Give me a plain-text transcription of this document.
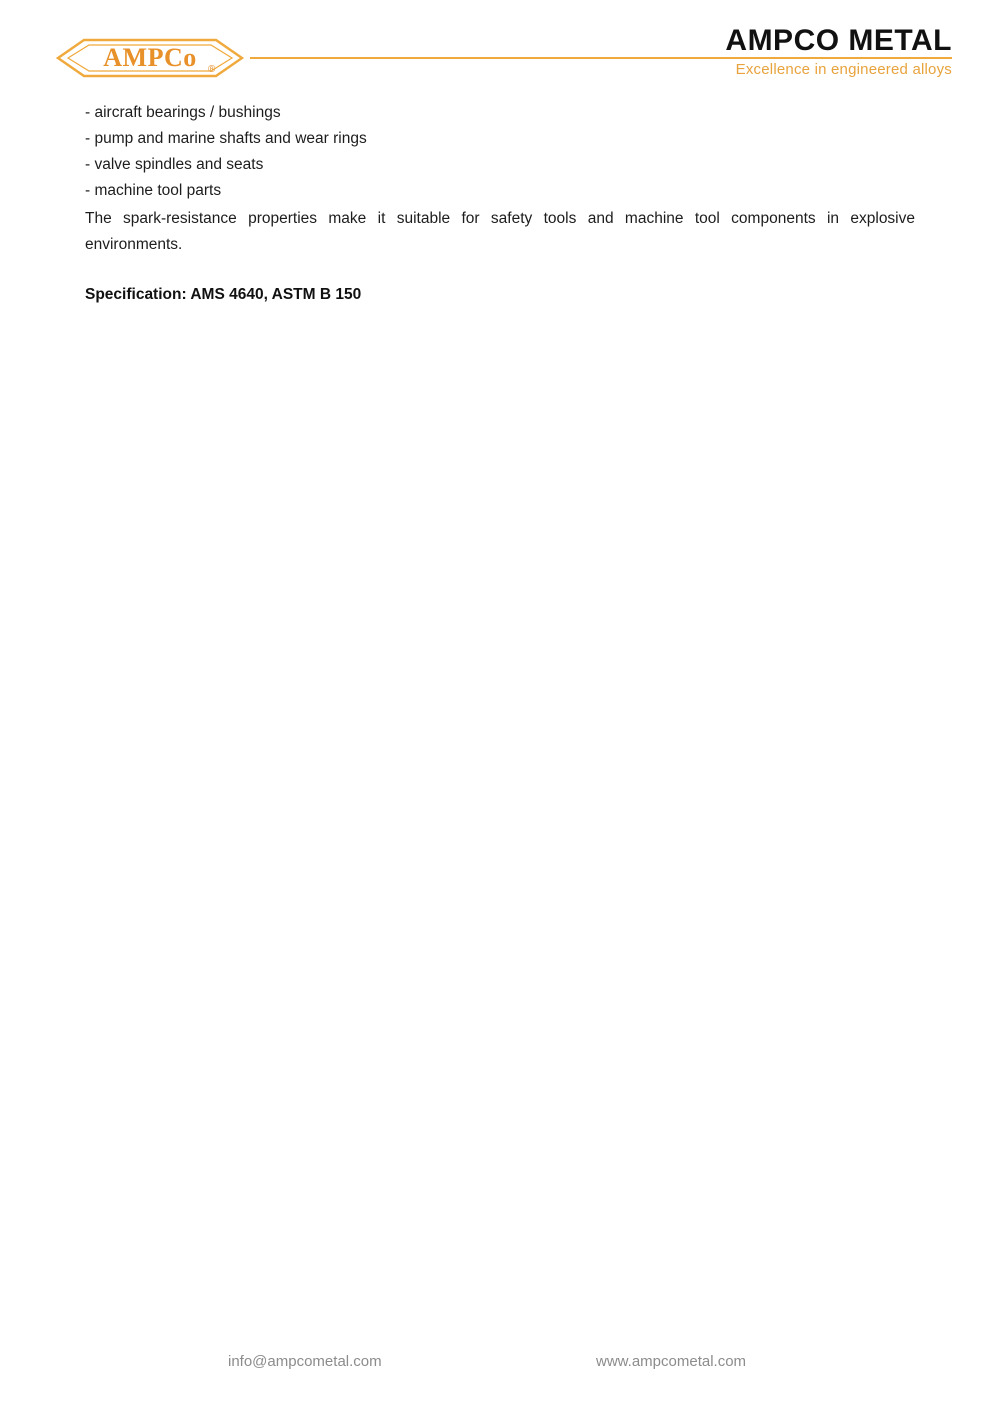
AMPCo ®
AMPCO METAL
Excellence in engineered alloys
- aircraft bearings / bushings
- pump and marine shafts and wear rings
- valve spindles and seats
- machine tool parts

The spark-resistance properties make it suitable for safety tools and machine tool components in explosive environments.

Specification: AMS 4640, ASTM B 150
info@ampcometal.com	www.ampcometal.com
